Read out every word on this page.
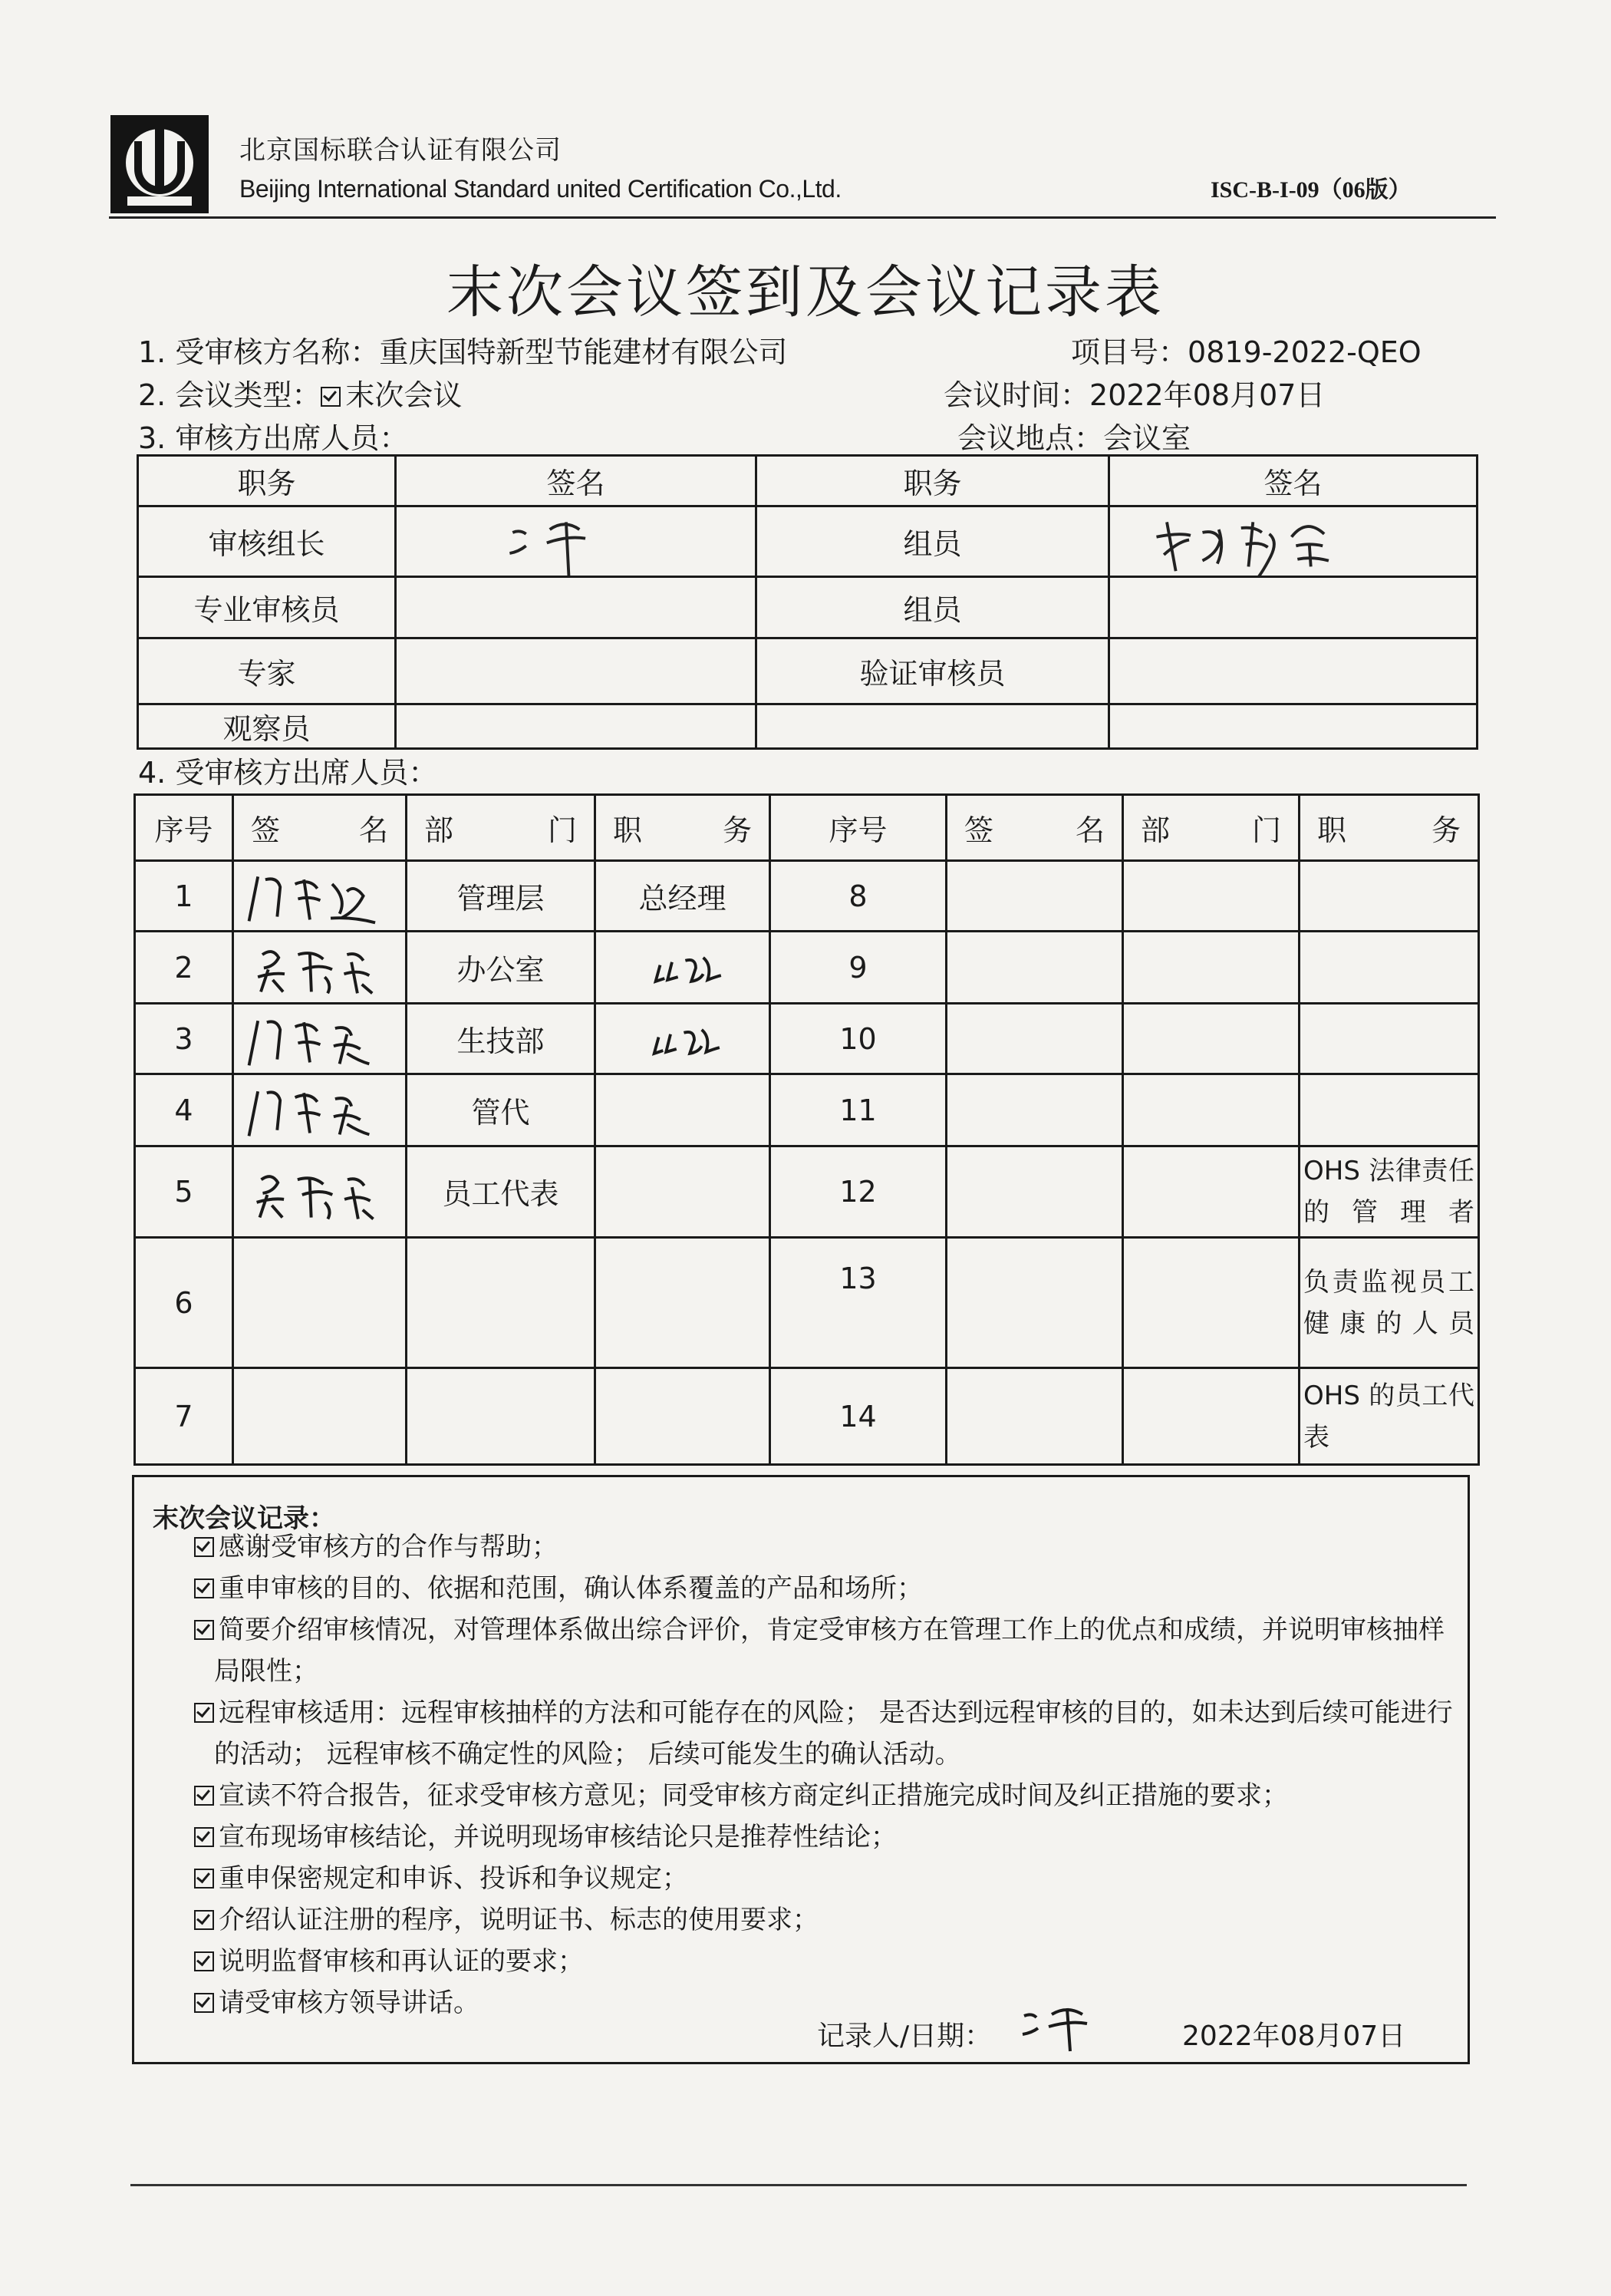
北京国标联合认证有限公司
Beijing International Standard united Certification Co.,Ltd.	ISC-B-I-09（06版）
末次会议签到及会议记录表
1. 受审核方名称：重庆国特新型节能建材有限公司	项目号：0819-2022-QEO
2. 会议类型： 末次会议	会议时间：2022年08月07日
3. 审核方出席人员：	会议地点：会议室
职务	签名	职务	签名
审核组长		组员	

专业审核员		组员	
专家		验证审核员	
观察员			
4. 受审核方出席人员：
序号	签 名	部 门	职 务	序号	签 名	部 门	职 务

1		管理层	总经理	8			
2		办公室		9			
3		生技部		10			
4		管代		11			
5		员工代表		12			OHS 法律责任的管理者
6				13			负责监视员工健康的人员
7				14			OHS 的员工代表
末次会议记录：
感谢受审核方的合作与帮助；
重申审核的目的、依据和范围，确认体系覆盖的产品和场所；
简要介绍审核情况，对管理体系做出综合评价，肯定受审核方在管理工作上的优点和成绩，并说明审核抽样局限性；
远程审核适用：远程审核抽样的方法和可能存在的风险； 是否达到远程审核的目的，如未达到后续可能进行的活动； 远程审核不确定性的风险； 后续可能发生的确认活动。
宣读不符合报告，征求受审核方意见；同受审核方商定纠正措施完成时间及纠正措施的要求；
宣布现场审核结论，并说明现场审核结论只是推荐性结论；
重申保密规定和申诉、投诉和争议规定；
介绍认证注册的程序，说明证书、标志的使用要求；
说明监督审核和再认证的要求；
请受审核方领导讲话。
记录人/日期：	2022年08月07日
